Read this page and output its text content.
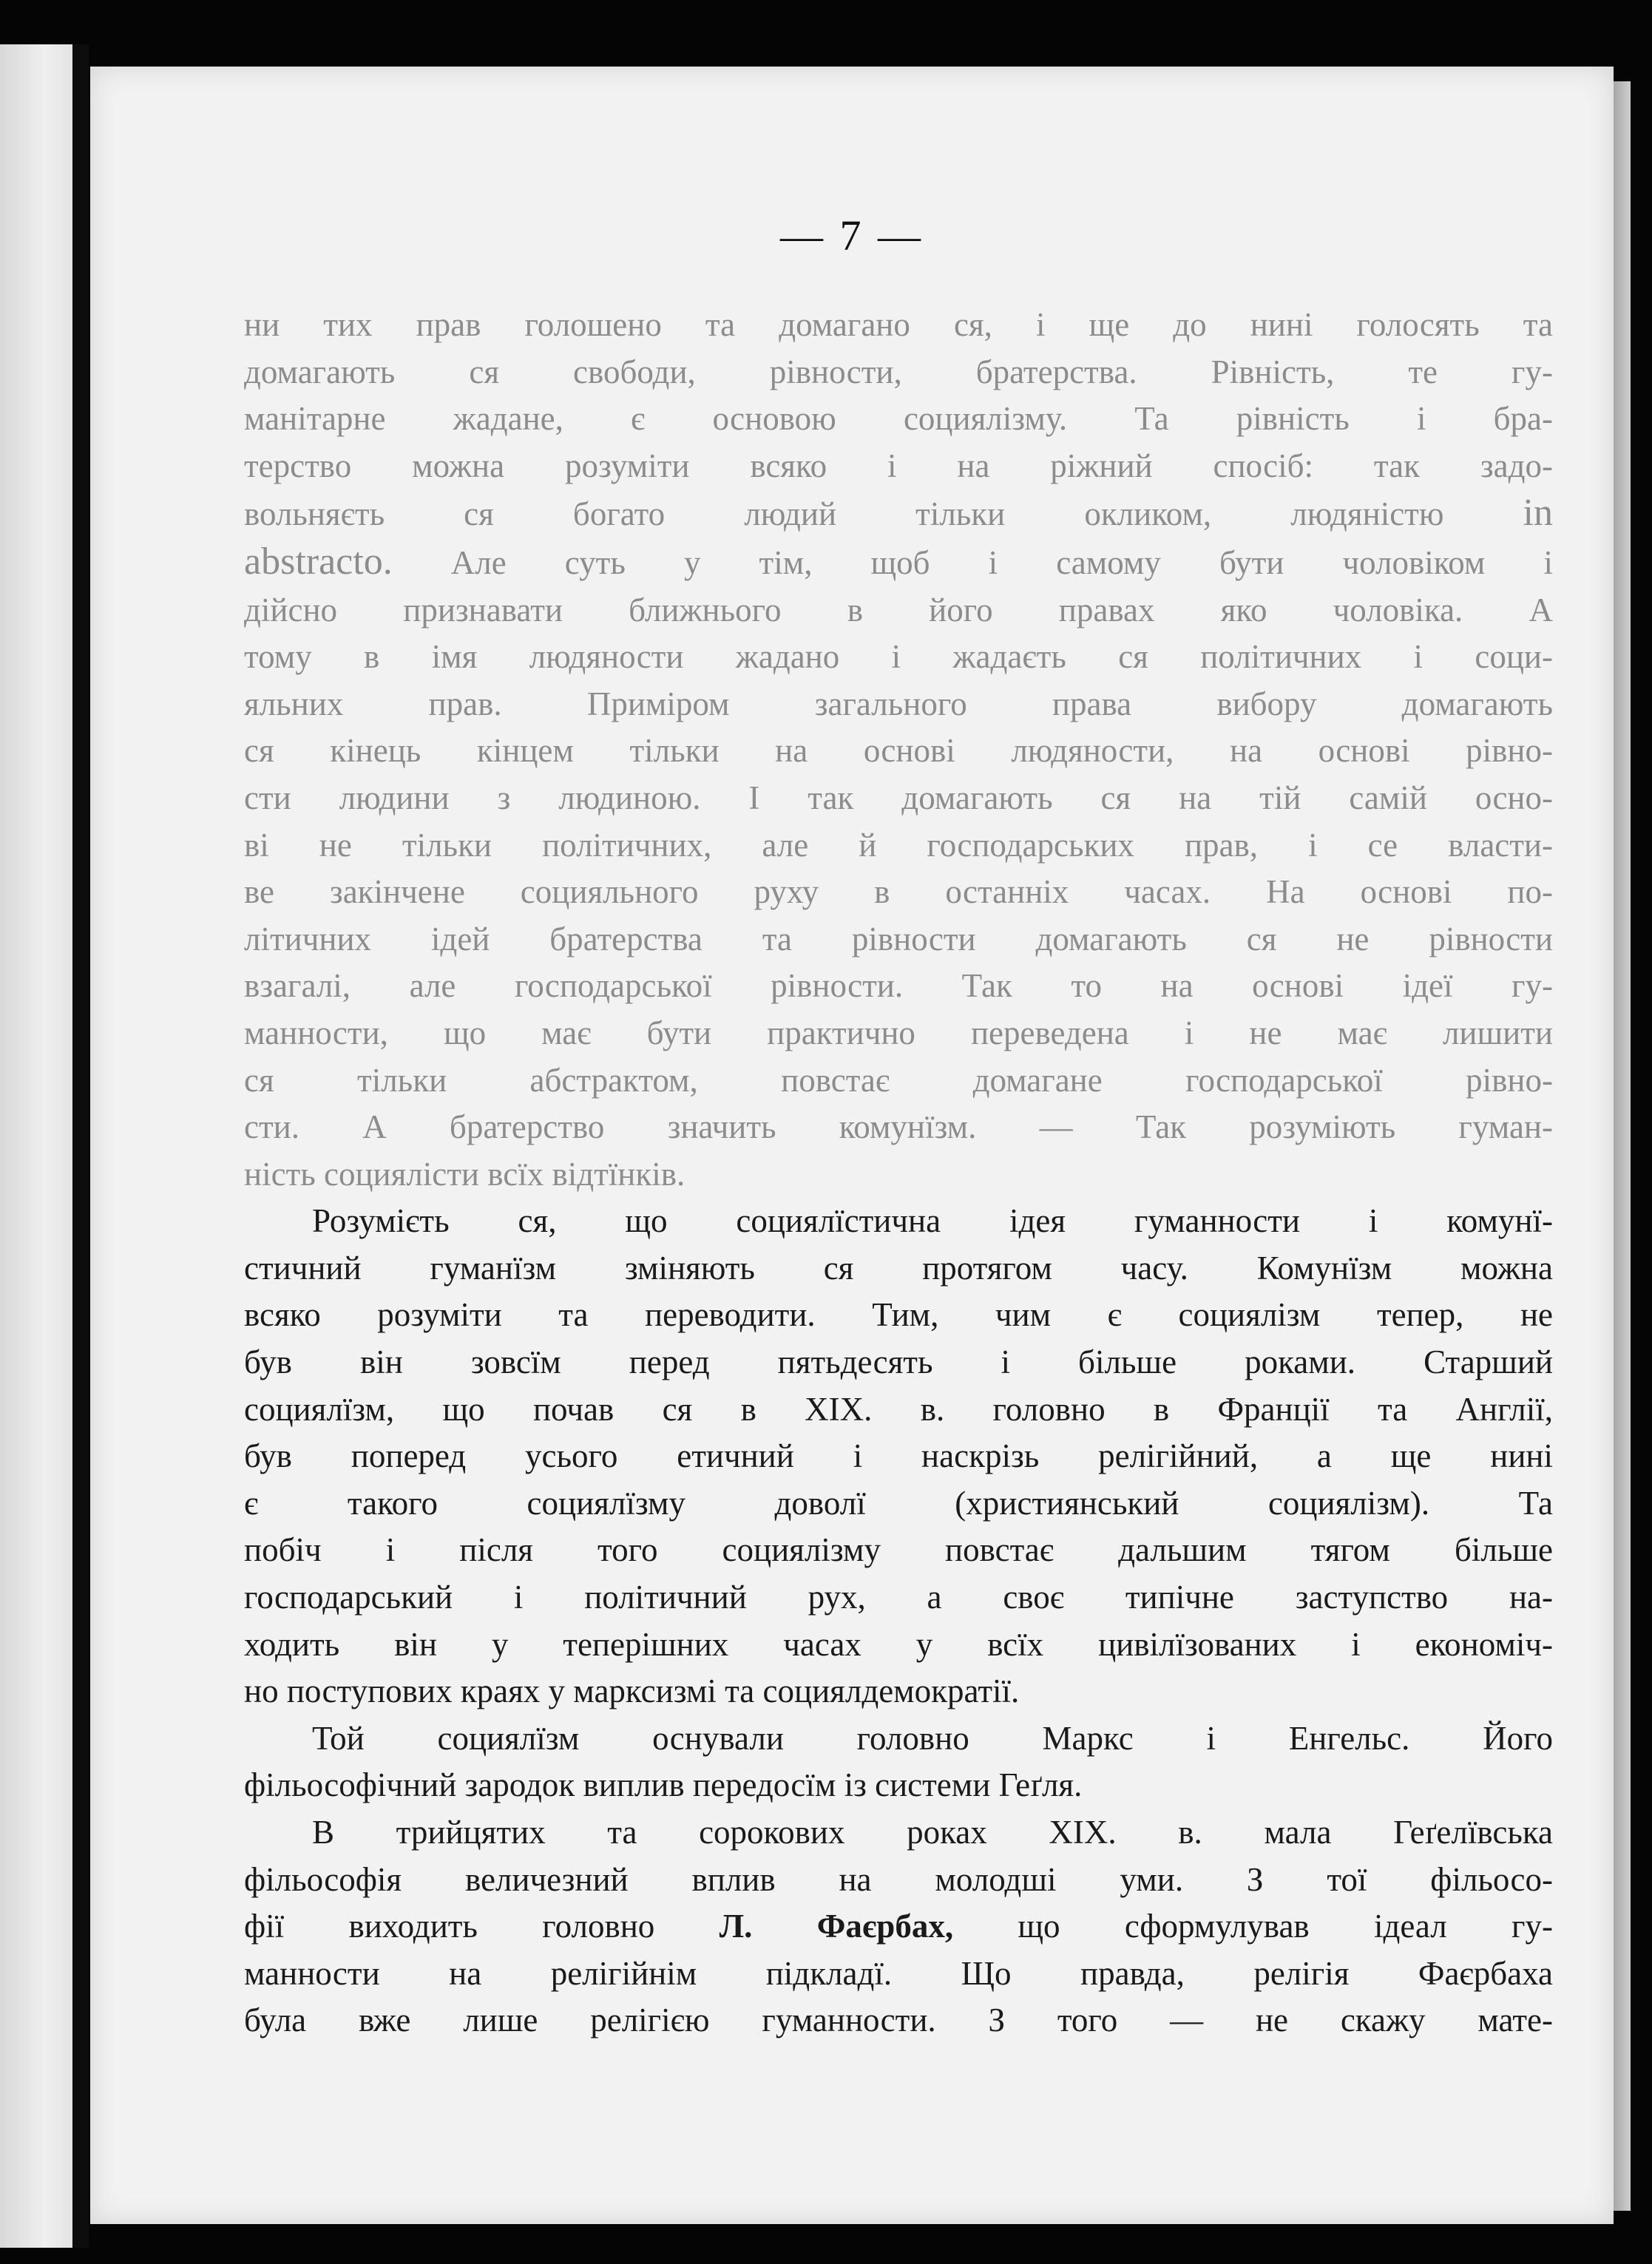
— 7 —
ни тих прав голошено та домагано ся, і ще до нині голосять та
домагають ся свободи, рівности, братерства. Рівність, те гу-
манітарне жадане, є основою социялізму. Та рівність і бра-
терство можна розуміти всяко і на ріжний спосіб: так задо-
вольняєть ся богато людий тільки окликом, людяністю in
abstracto. Але суть у тім, щоб і самому бути чоловіком і
дійсно признавати ближнього в його правах яко чоловіка. А
тому в імя людяности жадано і жадаєть ся політичних і соци-
яльних прав. Приміром загального права вибору домагають
ся кінець кінцем тільки на основі людяности, на основі рівно-
сти людини з людиною. І так домагають ся на тій самій осно-
ві не тільки політичних, але й господарських прав, і се власти-
ве закінчене социяльного руху в останніх часах. На основі по-
літичних ідей братерства та рівности домагають ся не рівности
взагалі, але господарської рівности. Так то на основі ідеї гу-
манности, що має бути практично переведена і не має лишити
ся тільки абстрактом, повстає домагане господарської рівно-
сти. А братерство значить комунїзм. — Так розуміють гуман-
ність социялісти всїх відтїнків.
Розумієть ся, що социялїстична ідея гуманности і комунї-
стичний гуманїзм зміняють ся протягом часу. Комунїзм можна
всяко розуміти та переводити. Тим, чим є социялізм тепер, не
був він зовсїм перед пятьдесять і більше роками. Старший
социялїзм, що почав ся в XIX. в. головно в Франції та Англії,
був поперед усього етичний і наскрізь релігійний, а ще нині
є такого социялїзму доволї (християнський социялізм). Та
побіч і після того социялізму повстає дальшим тягом більше
господарський і політичний рух, а своє типічне заступство на-
ходить він у теперішних часах у всїх цивілїзованих і економіч-
но поступових краях у марксизмі та социялдемократії.
Той социялїзм оснували головно Маркс і Енгельс. Його
фільософічний зародок виплив передосїм із системи Геґля.
В трийцятих та сорокових роках XIX. в. мала Геґелївська
фільософія величезний вплив на молодші уми. З тої фільосо-
фії виходить головно Л. Фаєрбах, що сформулував ідеал гу-
манности на релігійнім підкладї. Що правда, релігія Фаєрбаха
була вже лише релігією гуманности. З того — не скажу мате-
